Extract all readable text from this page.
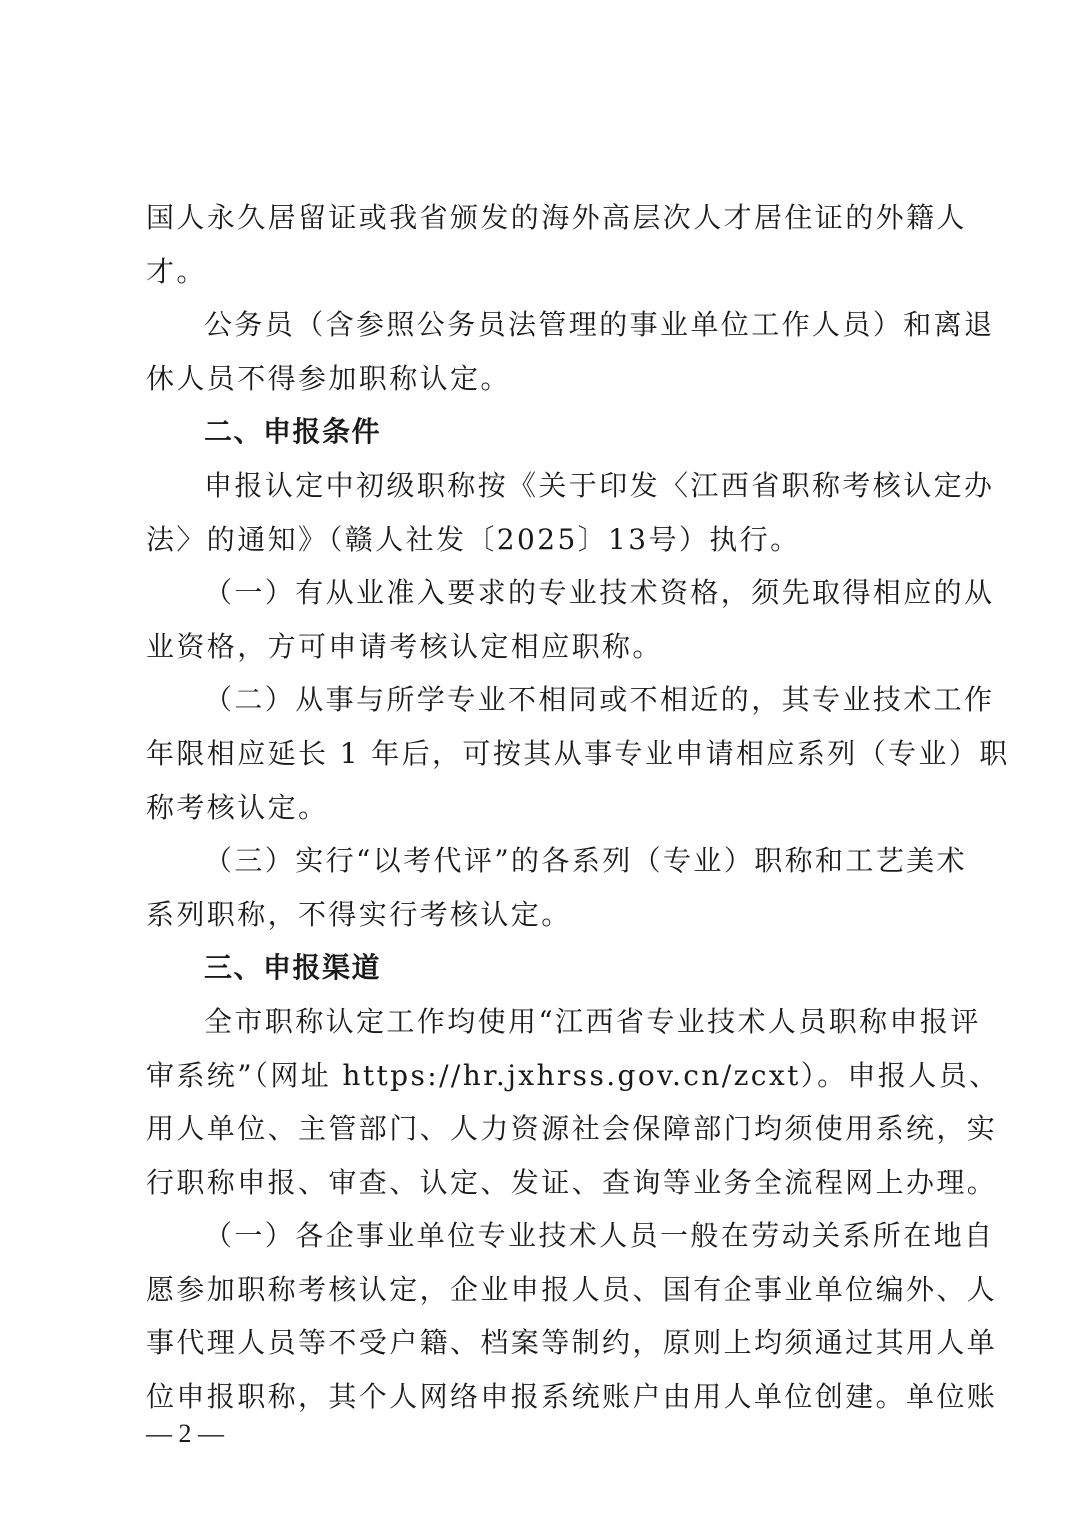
国人永久居留证或我省颁发的海外高层次人才居住证的外籍人
才。
公务员（含参照公务员法管理的事业单位工作人员）和离退
休人员不得参加职称认定。
二、申报条件
申报认定中初级职称按《关于印发〈江西省职称考核认定办
法〉的通知》（赣人社发〔2025〕13号）执行。
（一）有从业准入要求的专业技术资格，须先取得相应的从
业资格，方可申请考核认定相应职称。
（二）从事与所学专业不相同或不相近的，其专业技术工作
年限相应延长 1 年后，可按其从事专业申请相应系列（专业）职
称考核认定。
（三）实行“以考代评”的各系列（专业）职称和工艺美术
系列职称，不得实行考核认定。
三、申报渠道
全市职称认定工作均使用“江西省专业技术人员职称申报评
审系统”（网址 https://hr.jxhrss.gov.cn/zcxt）。申报人员、
用人单位、主管部门、人力资源社会保障部门均须使用系统，实
行职称申报、审查、认定、发证、查询等业务全流程网上办理。
（一）各企事业单位专业技术人员一般在劳动关系所在地自
愿参加职称考核认定，企业申报人员、国有企事业单位编外、人
事代理人员等不受户籍、档案等制约，原则上均须通过其用人单
位申报职称，其个人网络申报系统账户由用人单位创建。单位账
— 2 —
